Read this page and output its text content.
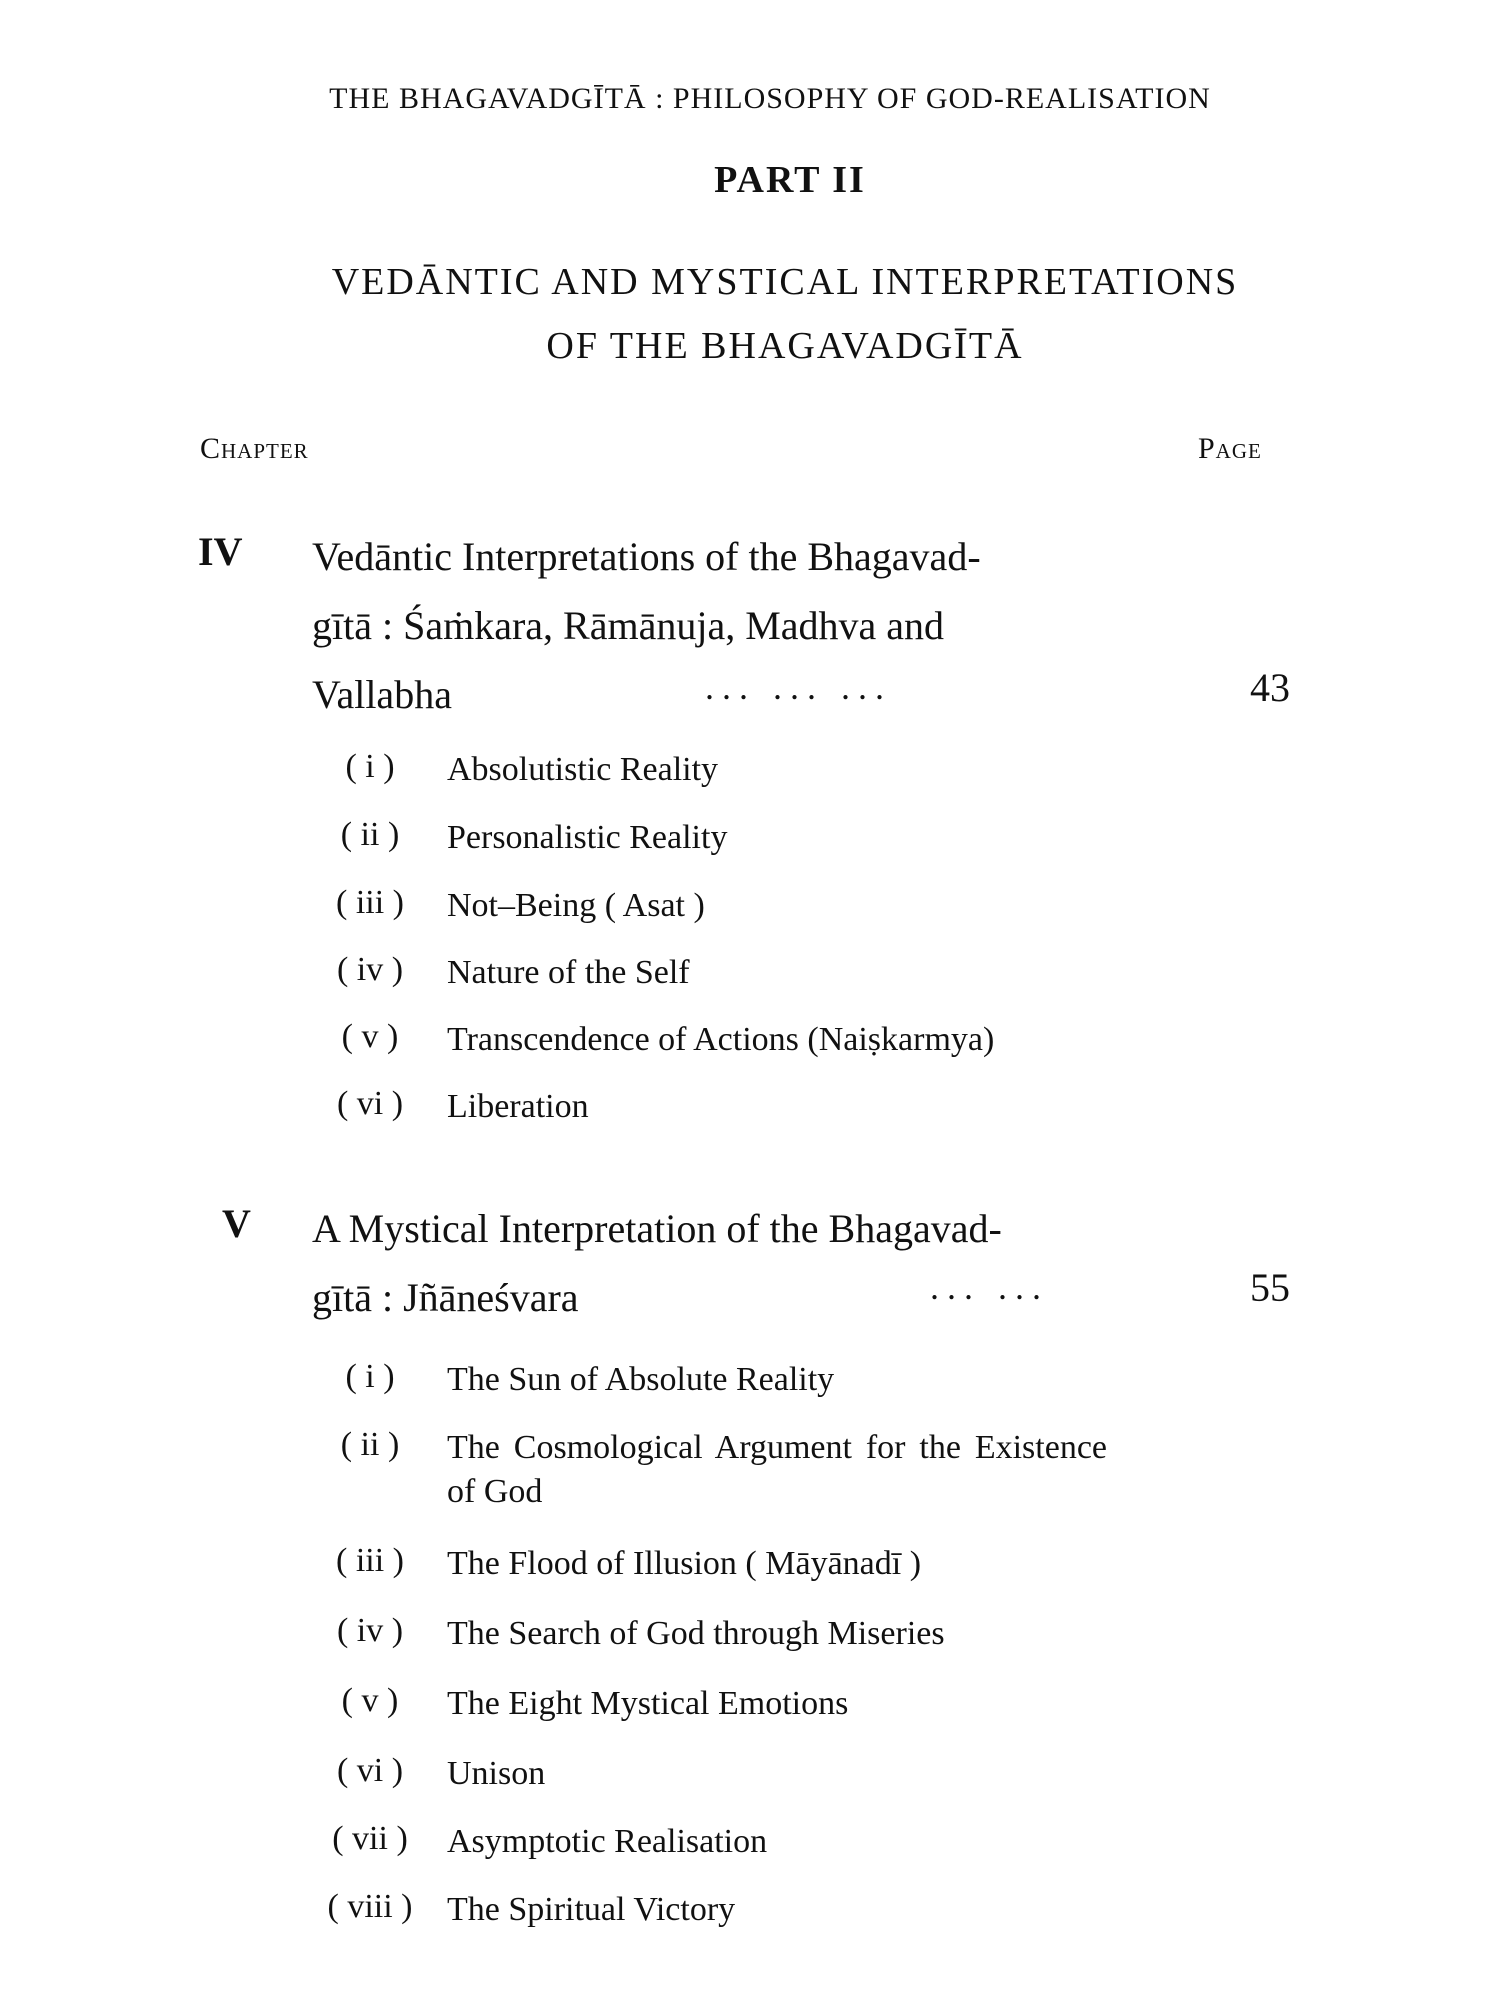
THE BHAGAVADGĪTĀ : PHILOSOPHY OF GOD-REALISATION
PART II
VEDĀNTIC AND MYSTICAL INTERPRETATIONS
OF THE BHAGAVADGĪTĀ
Chapter	Page
IV Vedāntic Interpretations of the Bhagavad-
gītā : Śaṁkara, Rāmānuja, Madhva and
Vallabha	... ... ...	43
( i )	Absolutistic Reality
( ii )	Personalistic Reality
( iii )	Not–Being ( Asat )
( iv )	Nature of the Self
( v )	Transcendence of Actions (Naiṣkarmya)
( vi )	Liberation
V A Mystical Interpretation of the Bhagavad-
gītā : Jñāneśvara	... ...	55
( i )	The Sun of Absolute Reality
( ii )	The Cosmological Argument for the Existence of God
( iii )	The Flood of Illusion ( Māyānadī )
( iv )	The Search of God through Miseries
( v )	The Eight Mystical Emotions
( vi )	Unison
( vii )	Asymptotic Realisation
( viii )	The Spiritual Victory
